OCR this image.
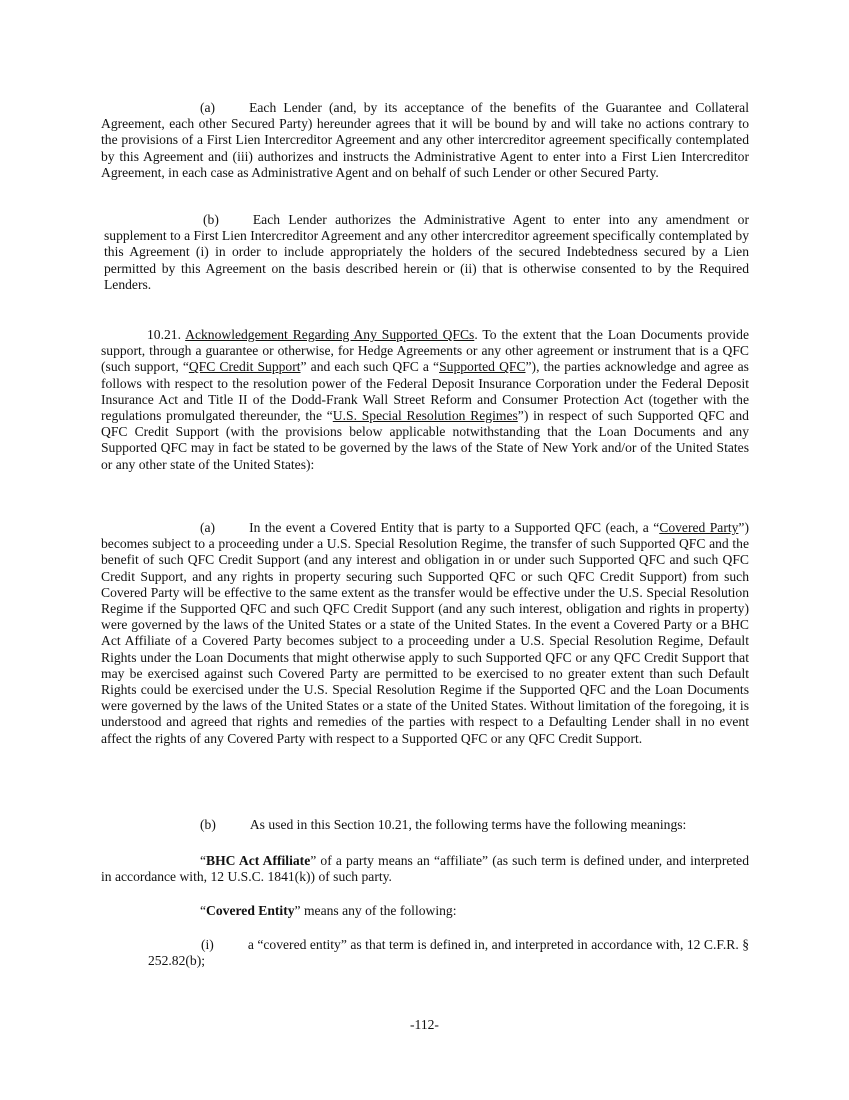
(a)	Each Lender (and, by its acceptance of the benefits of the Guarantee and Collateral Agreement, each other Secured Party) hereunder agrees that it will be bound by and will take no actions contrary to the provisions of a First Lien Intercreditor Agreement and any other intercreditor agreement specifically contemplated by this Agreement and (iii) authorizes and instructs the Administrative Agent to enter into a First Lien Intercreditor Agreement, in each case as Administrative Agent and on behalf of such Lender or other Secured Party.

(b)	Each Lender authorizes the Administrative Agent to enter into any amendment or supplement to a First Lien Intercreditor Agreement and any other intercreditor agreement specifically contemplated by this Agreement (i) in order to include appropriately the holders of the secured Indebtedness secured by a Lien permitted by this Agreement on the basis described herein or (ii) that is otherwise consented to by the Required Lenders.

10.21. Acknowledgement Regarding Any Supported QFCs. To the extent that the Loan Documents provide support, through a guarantee or otherwise, for Hedge Agreements or any other agreement or instrument that is a QFC (such support, “QFC Credit Support” and each such QFC a “Supported QFC”), the parties acknowledge and agree as follows with respect to the resolution power of the Federal Deposit Insurance Corporation under the Federal Deposit Insurance Act and Title II of the Dodd-Frank Wall Street Reform and Consumer Protection Act (together with the regulations promulgated thereunder, the “U.S. Special Resolution Regimes”) in respect of such Supported QFC and QFC Credit Support (with the provisions below applicable notwithstanding that the Loan Documents and any Supported QFC may in fact be stated to be governed by the laws of the State of New York and/or of the United States or any other state of the United States):

(a)	In the event a Covered Entity that is party to a Supported QFC (each, a “Covered Party”) becomes subject to a proceeding under a U.S. Special Resolution Regime, the transfer of such Supported QFC and the benefit of such QFC Credit Support (and any interest and obligation in or under such Supported QFC and such QFC Credit Support, and any rights in property securing such Supported QFC or such QFC Credit Support) from such Covered Party will be effective to the same extent as the transfer would be effective under the U.S. Special Resolution Regime if the Supported QFC and such QFC Credit Support (and any such interest, obligation and rights in property) were governed by the laws of the United States or a state of the United States. In the event a Covered Party or a BHC Act Affiliate of a Covered Party becomes subject to a proceeding under a U.S. Special Resolution Regime, Default Rights under the Loan Documents that might otherwise apply to such Supported QFC or any QFC Credit Support that may be exercised against such Covered Party are permitted to be exercised to no greater extent than such Default Rights could be exercised under the U.S. Special Resolution Regime if the Supported QFC and the Loan Documents were governed by the laws of the United States or a state of the United States. Without limitation of the foregoing, it is understood and agreed that rights and remedies of the parties with respect to a Defaulting Lender shall in no event affect the rights of any Covered Party with respect to a Supported QFC or any QFC Credit Support.

(b)	As used in this Section 10.21, the following terms have the following meanings:

“BHC Act Affiliate” of a party means an “affiliate” (as such term is defined under, and interpreted in accordance with, 12 U.S.C. 1841(k)) of such party.

“Covered Entity” means any of the following:

(i)	a “covered entity” as that term is defined in, and interpreted in accordance with, 12 C.F.R. § 252.82(b);

-112-
